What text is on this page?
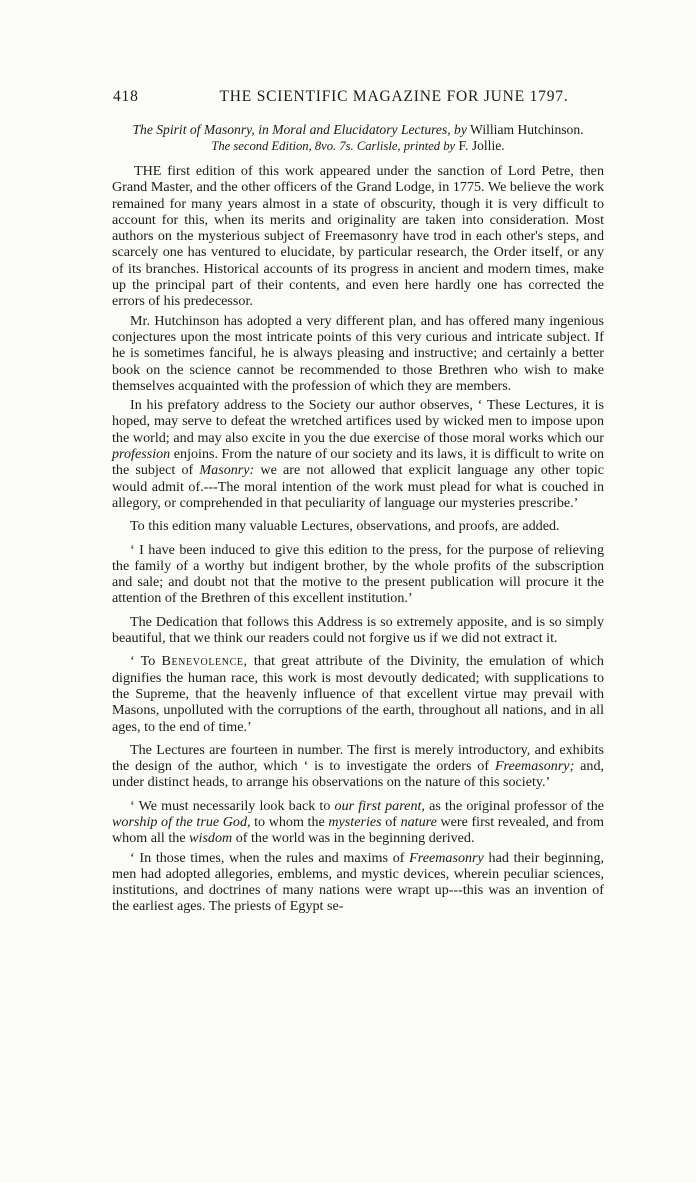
418	THE SCIENTIFIC MAGAZINE FOR JUNE 1797.
The Spirit of Masonry, in Moral and Elucidatory Lectures, by William Hutchinson.
The second Edition, 8vo. 7s. Carlisle, printed by F. Jollie.

THE first edition of this work appeared under the sanction of Lord Petre, then Grand Master, and the other officers of the Grand Lodge, in 1775. We believe the work remained for many years almost in a state of obscurity, though it is very difficult to account for this, when its merits and originality are taken into consideration. Most authors on the mysterious subject of Freemasonry have trod in each other's steps, and scarcely one has ventured to elucidate, by particular research, the Order itself, or any of its branches. Historical accounts of its progress in ancient and modern times, make up the principal part of their contents, and even here hardly one has corrected the errors of his predecessor.

Mr. Hutchinson has adopted a very different plan, and has offered many ingenious conjectures upon the most intricate points of this very curious and intricate subject. If he is sometimes fanciful, he is always pleasing and instructive; and certainly a better book on the science cannot be recommended to those Brethren who wish to make themselves acquainted with the profession of which they are members.

In his prefatory address to the Society our author observes, ‘ These Lectures, it is hoped, may serve to defeat the wretched artifices used by wicked men to impose upon the world; and may also excite in you the due exercise of those moral works which our profession enjoins. From the nature of our society and its laws, it is difficult to write on the subject of Masonry: we are not allowed that explicit language any other topic would admit of.---The moral intention of the work must plead for what is couched in allegory, or comprehended in that peculiarity of language our mysteries prescribe.’

To this edition many valuable Lectures, observations, and proofs, are added.

‘ I have been induced to give this edition to the press, for the purpose of relieving the family of a worthy but indigent brother, by the whole profits of the subscription and sale; and doubt not that the motive to the present publication will procure it the attention of the Brethren of this excellent institution.’

The Dedication that follows this Address is so extremely apposite, and is so simply beautiful, that we think our readers could not forgive us if we did not extract it.

‘ To Benevolence, that great attribute of the Divinity, the emulation of which dignifies the human race, this work is most devoutly dedicated; with supplications to the Supreme, that the heavenly influence of that excellent virtue may prevail with Masons, unpolluted with the corruptions of the earth, throughout all nations, and in all ages, to the end of time.’

The Lectures are fourteen in number. The first is merely introductory, and exhibits the design of the author, which ‘ is to investigate the orders of Freemasonry; and, under distinct heads, to arrange his observations on the nature of this society.’

‘ We must necessarily look back to our first parent, as the original professor of the worship of the true God, to whom the mysteries of nature were first revealed, and from whom all the wisdom of the world was in the beginning derived.

‘ In those times, when the rules and maxims of Freemasonry had their beginning, men had adopted allegories, emblems, and mystic devices, wherein peculiar sciences, institutions, and doctrines of many nations were wrapt up---this was an invention of the earliest ages. The priests of Egypt se-
